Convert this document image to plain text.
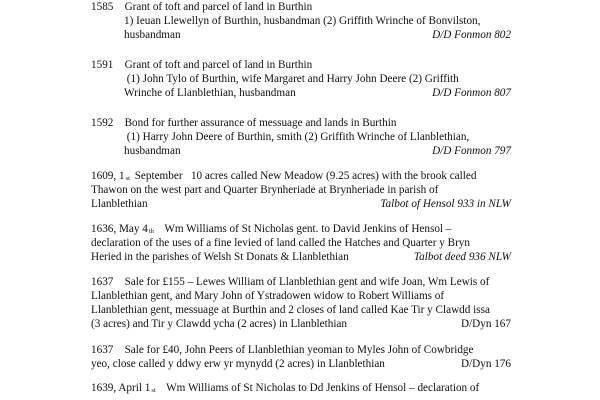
1585 Grant of toft and parcel of land in Burthin
1) Ieuan Llewellyn of Burthin, husbandman (2) Griffith Wrinche of Bonvilston,
husbandman	D/D Fonmon 802
1591 Grant of toft and parcel of land in Burthin
(1) John Tylo of Burthin, wife Margaret and Harry John Deere (2) Griffith
Wrinche of Llanblethian, husbandman	D/D Fonmon 807
1592 Bond for further assurance of messuage and lands in Burthin
(1) Harry John Deere of Burthin, smith (2) Griffith Wrinche of Llanblethian,
husbandman	D/D Fonmon 797
1609, 1st September 10 acres called New Meadow (9.25 acres) with the brook called
Thawon on the west part and Quarter Brynheriade at Brynheriade in parish of
Llanblethian	Talbot of Hensol 933 in NLW
1636, May 4th Wm Williams of St Nicholas gent. to David Jenkins of Hensol –
declaration of the uses of a fine levied of land called the Hatches and Quarter y Bryn
Heried in the parishes of Welsh St Donats & Llanblethian	Talbot deed 936 NLW
1637 Sale for £155 – Lewes William of Llanblethian gent and wife Joan, Wm Lewis of
Llanblethian gent, and Mary John of Ystradowen widow to Robert Williams of
Llanblethian gent, messuage at Burthin and 2 closes of land called Kae Tir y Clawdd issa
(3 acres) and Tir y Clawdd ycha (2 acres) in Llanblethian	D/Dyn 167
1637 Sale for £40, John Peers of Llanblethian yeoman to Myles John of Cowbridge
yeo, close called y ddwy erw yr mynydd (2 acres) in Llanblethian	D/Dyn 176
1639, April 1st Wm Williams of St Nicholas to Dd Jenkins of Hensol – declaration of
